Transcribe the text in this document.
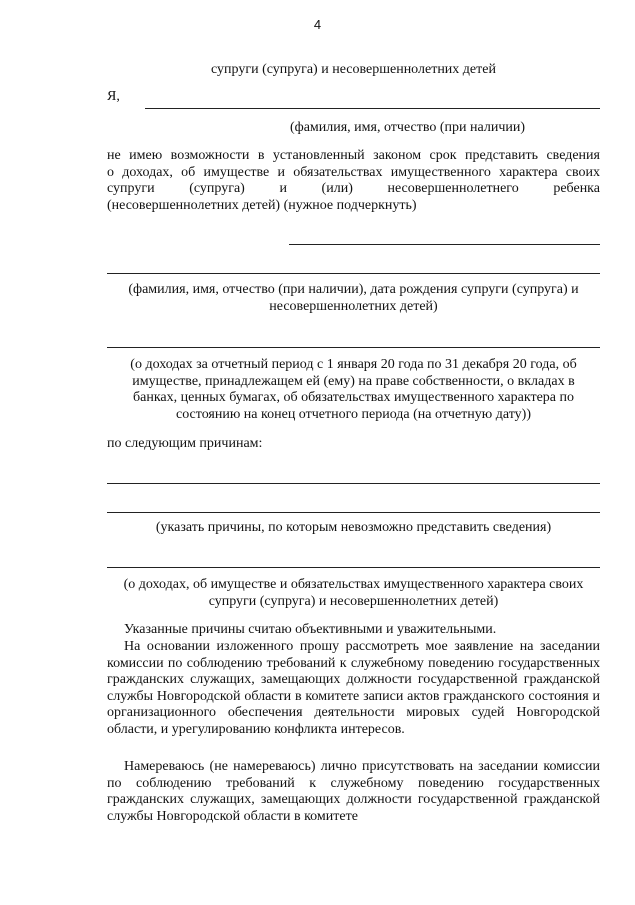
4
супруги (супруга) и несовершеннолетних детей
Я,
(фамилия, имя, отчество (при наличии)
не имею возможности в установленный законом срок представить сведения
о доходах, об имуществе и обязательствах имущественного характера своих
супруги (супруга) и (или) несовершеннолетнего ребенка
(несовершеннолетних детей) (нужное подчеркнуть)
(фамилия, имя, отчество (при наличии), дата рождения супруги (супруга) и
несовершеннолетних детей)
(о доходах за отчетный период с 1 января 20 года по 31 декабря 20 года, об
имуществе, принадлежащем ей (ему) на праве собственности, о вкладах в
банках, ценных бумагах, об обязательствах имущественного характера по
состоянию на конец отчетного периода (на отчетную дату))
по следующим причинам:
(указать причины, по которым невозможно представить сведения)
(о доходах, об имуществе и обязательствах имущественного характера своих
супруги (супруга) и несовершеннолетних детей)
Указанные причины считаю объективными и уважительными.
На основании изложенного прошу рассмотреть мое заявление на заседании комиссии по соблюдению требований к служебному поведению государственных гражданских служащих, замещающих должности государственной гражданской службы Новгородской области в комитете записи актов гражданского состояния и организационного обеспечения деятельности мировых судей Новгородской области, и урегулированию конфликта интересов.
Намереваюсь (не намереваюсь) лично присутствовать на заседании комиссии по соблюдению требований к служебному поведению государственных гражданских служащих, замещающих должности государственной гражданской службы Новгородской области в комитете
